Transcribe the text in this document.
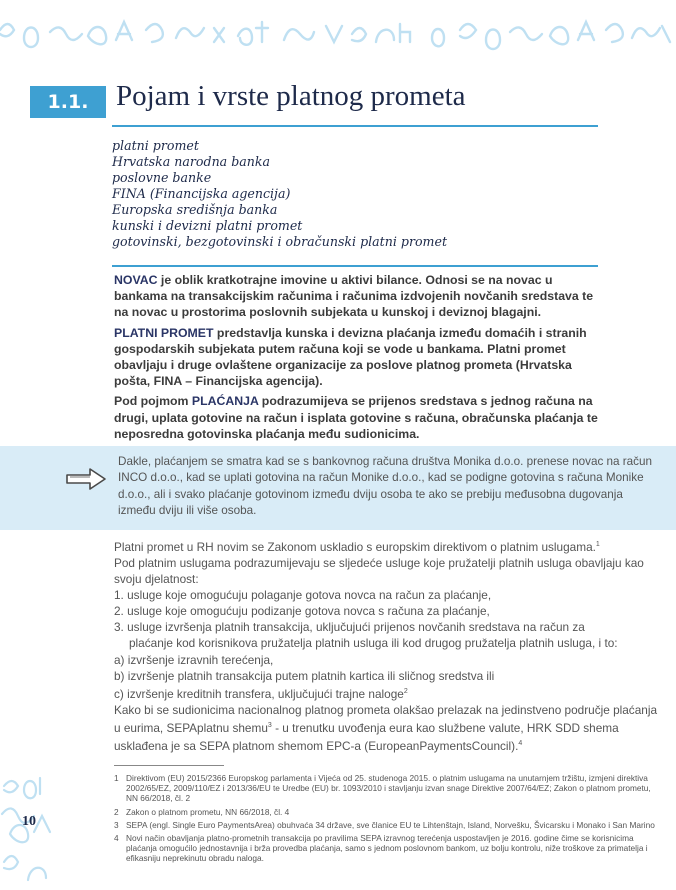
1.1. Pojam i vrste platnog prometa
platni promet
Hrvatska narodna banka
poslovne banke
FINA (Financijska agencija)
Europska središnja banka
kunski i devizni platni promet
gotovinski, bezgotovinski i obračunski platni promet

NOVAC je oblik kratkotrajne imovine u aktivi bilance. Odnosi se na novac u bankama na transakcijskim računima i računima izdvojenih novčanih sredstava te na novac u prostorima poslovnih subjekata u kunskoj i deviznoj blagajni.

PLATNI PROMET predstavlja kunska i devizna plaćanja između domaćih i stranih gospodarskih subjekata putem računa koji se vode u bankama. Platni promet obavljaju i druge ovlaštene organizacije za poslove platnog prometa (Hrvatska pošta, FINA – Financijska agencija).

Pod pojmom PLAĆANJA podrazumijeva se prijenos sredstava s jednog računa na drugi, uplata gotovine na račun i isplata gotovine s računa, obračunska plaćanja te neposredna gotovinska plaćanja među sudionicima.

Dakle, plaćanjem se smatra kad se s bankovnog računa društva Monika d.o.o. prenese novac na račun INCO d.o.o., kad se uplati gotovina na račun Monike d.o.o., kad se podigne gotovina s računa Monike d.o.o., ali i svako plaćanje gotovinom između dviju osoba te ako se prebiju međusobna dugovanja između dviju ili više osoba.

Platni promet u RH novim se Zakonom uskladio s europskim direktivom o platnim uslugama.$^1$

Pod platnim uslugama podrazumijevaju se sljedeće usluge koje pružatelji platnih usluga obavljaju kao svoju djelatnost:

1. usluge koje omogućuju polaganje gotova novca na račun za plaćanje,

2. usluge koje omogućuju podizanje gotova novca s računa za plaćanje,

3. usluge izvršenja platnih transakcija, uključujući prijenos novčanih sredstava na račun za

plaćanje kod korisnikova pružatelja platnih usluga ili kod drugog pružatelja platnih usluga, i to:

a) izvršenje izravnih terećenja,

b) izvršenje platnih transakcija putem platnih kartica ili sličnog sredstva ili

c) izvršenje kreditnih transfera, uključujući trajne naloge$^2$

Kako bi se sudionicima nacionalnog platnog prometa olakšao prelazak na jedinstveno područje plaćanja u eurima, SEPAplatnu shemu$^3$ - u trenutku uvođenja eura kao službene valute, HRK SDD shema usklađena je sa SEPA platnom shemom EPC-a (EuropeanPaymentsCouncil).$^4$

1 Direktivom (EU) 2015/2366 Europskog parlamenta i Vijeća od 25. studenoga 2015. o platnim uslugama na unutarnjem tržištu, izmjeni direktiva 2002/65/EZ, 2009/110/EZ i 2013/36/EU te Uredbe (EU) br. 1093/2010 i stavljanju izvan snage Direktive 2007/64/EZ; Zakon o platnom prometu, NN 66/2018, čl. 2
2 Zakon o platnom prometu, NN 66/2018, čl. 4
3 SEPA (engl. Single Euro PaymentsArea) obuhvaća 34 države, sve članice EU te Lihtenštajn, Island, Norvešku, Švicarsku i Monako i San Marino
4 Novi način obavljanja platno-prometnih transakcija po pravilima SEPA izravnog terećenja uspostavljen je 2016. godine čime se korisnicima plaćanja omogućilo jednostavnija i brža provedba plaćanja, samo s jednom poslovnom bankom, uz bolju kontrolu, niže troškove za primatelja i efikasniju neprekinutu obradu naloga.
10
